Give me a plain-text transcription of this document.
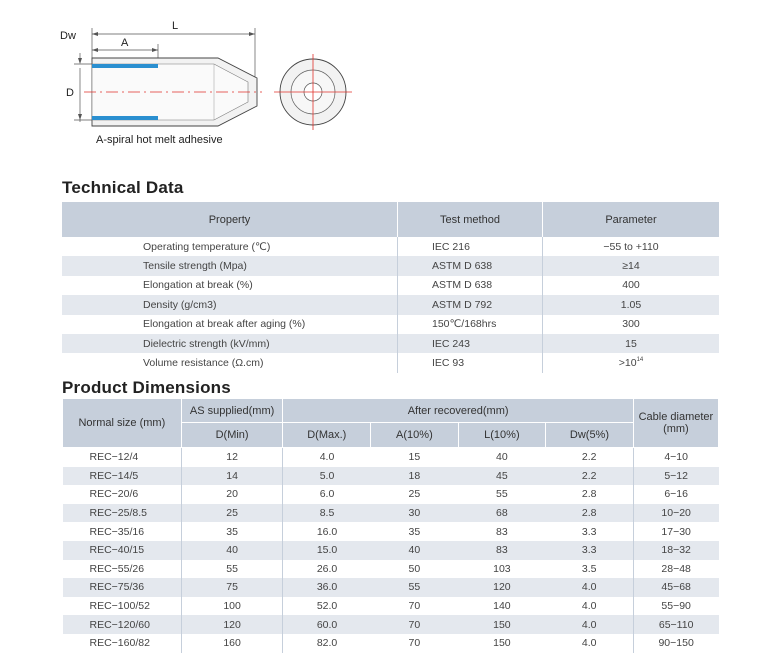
Dw
L
A
D
A-spiral hot melt adhesive
Technical Data
Property	Test method	Parameter
Operating temperature (℃)	IEC 216	−55 to +110
Tensile strength (Mpa)	ASTM D 638	≥14
Elongation at break (%)	ASTM D 638	400
Density (g/cm3)	ASTM D 792	1.05
Elongation at break after aging (%)	150℃/168hrs	300
Dielectric strength (kV/mm)	IEC 243	15
Volume resistance (Ω.cm)	IEC 93	$>10^{14}$
Product Dimensions
Normal size (mm)	AS supplied(mm)	After recovered(mm)				Cable diameter (mm)
	D(Min)	D(Max.)	A(10%)	L(10%)	Dw(5%)	
REC−12/4	12	4.0	15	40	2.2	4−10
REC−14/5	14	5.0	18	45	2.2	5−12
REC−20/6	20	6.0	25	55	2.8	6−16
REC−25/8.5	25	8.5	30	68	2.8	10−20
REC−35/16	35	16.0	35	83	3.3	17−30
REC−40/15	40	15.0	40	83	3.3	18−32
REC−55/26	55	26.0	50	103	3.5	28−48
REC−75/36	75	36.0	55	120	4.0	45−68
REC−100/52	100	52.0	70	140	4.0	55−90
REC−120/60	120	60.0	70	150	4.0	65−110
REC−160/82	160	82.0	70	150	4.0	90−150
